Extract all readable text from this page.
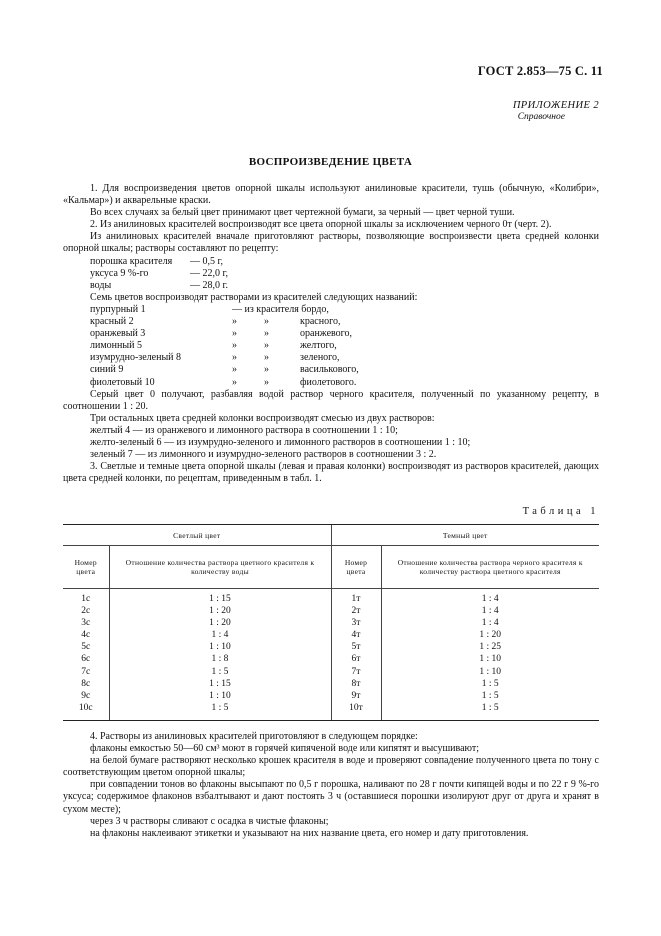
ГОСТ 2.853—75 С. 11
ПРИЛОЖЕНИЕ 2
Справочное
ВОСПРОИЗВЕДЕНИЕ ЦВЕТА

1. Для воспроизведения цветов опорной шкалы используют анилиновые красители, тушь (обычную, «Колибри», «Кальмар») и акварельные краски.

Во всех случаях за белый цвет принимают цвет чертежной бумаги, за черный — цвет черной туши.

2. Из анилиновых красителей воспроизводят все цвета опорной шкалы за исключением черного 0т (черт. 2).

Из анилиновых красителей вначале приготовляют растворы, позволяющие воспроизвести цвета средней колонки опорной шкалы; растворы составляют по рецепту:

порошка красителя	— 0,5 г,
уксуса 9 %-го	— 22,0 г,
воды	— 28,0 г.

Семь цветов воспроизводят растворами из красителей следующих названий:

пурпурный 1	— из красителя бордо,
красный 2	»	»	красного,
оранжевый 3	»	»	оранжевого,
лимонный 5	»	»	желтого,
изумрудно-зеленый 8	»	»	зеленого,
синий 9	»	»	василькового,
фиолетовый 10	»	»	фиолетового.

Серый цвет 0 получают, разбавляя водой раствор черного красителя, полученный по указанному рецепту, в соотношении 1 : 20.

Три остальных цвета средней колонки воспроизводят смесью из двух растворов:

желтый 4 — из оранжевого и лимонного раствора в соотношении 1 : 10;

желто-зеленый 6 — из изумрудно-зеленого и лимонного растворов в соотношении 1 : 10;

зеленый 7 — из лимонного и изумрудно-зеленого растворов в соотношении 3 : 2.

3. Светлые и темные цвета опорной шкалы (левая и правая колонки) воспроизводят из растворов красителей, дающих цвета средней колонки, по рецептам, приведенным в табл. 1.

Таблица 1
Светлый цвет		Темный цвет	
Номер цвета	Отношение количества раствора цветного красителя к количеству воды	Номер цвета	Отношение количества раствора черного красителя к количеству раствора цветного красителя
1с	1 : 15	1т	1 : 4
2с	1 : 20	2т	1 : 4
3с	1 : 20	3т	1 : 4
4с	1 : 4	4т	1 : 20
5с	1 : 10	5т	1 : 25
6с	1 : 8	6т	1 : 10
7с	1 : 5	7т	1 : 10
8с	1 : 15	8т	1 : 5
9с	1 : 10	9т	1 : 5
10с	1 : 5	10т	1 : 5

4. Растворы из анилиновых красителей приготовляют в следующем порядке:

флаконы емкостью 50—60 см³ моют в горячей кипяченой воде или кипятят и высушивают;

на белой бумаге растворяют несколько крошек красителя в воде и проверяют совпадение полученного цвета по тону с соответствующим цветом опорной шкалы;

при совпадении тонов во флаконы высыпают по 0,5 г порошка, наливают по 28 г почти кипящей воды и по 22 г 9 %-го уксуса; содержимое флаконов взбалтывают и дают постоять 3 ч (оставшиеся порошки изолируют друг от друга и хранят в сухом месте);

через 3 ч растворы сливают с осадка в чистые флаконы;

на флаконы наклеивают этикетки и указывают на них название цвета, его номер и дату приготовления.
